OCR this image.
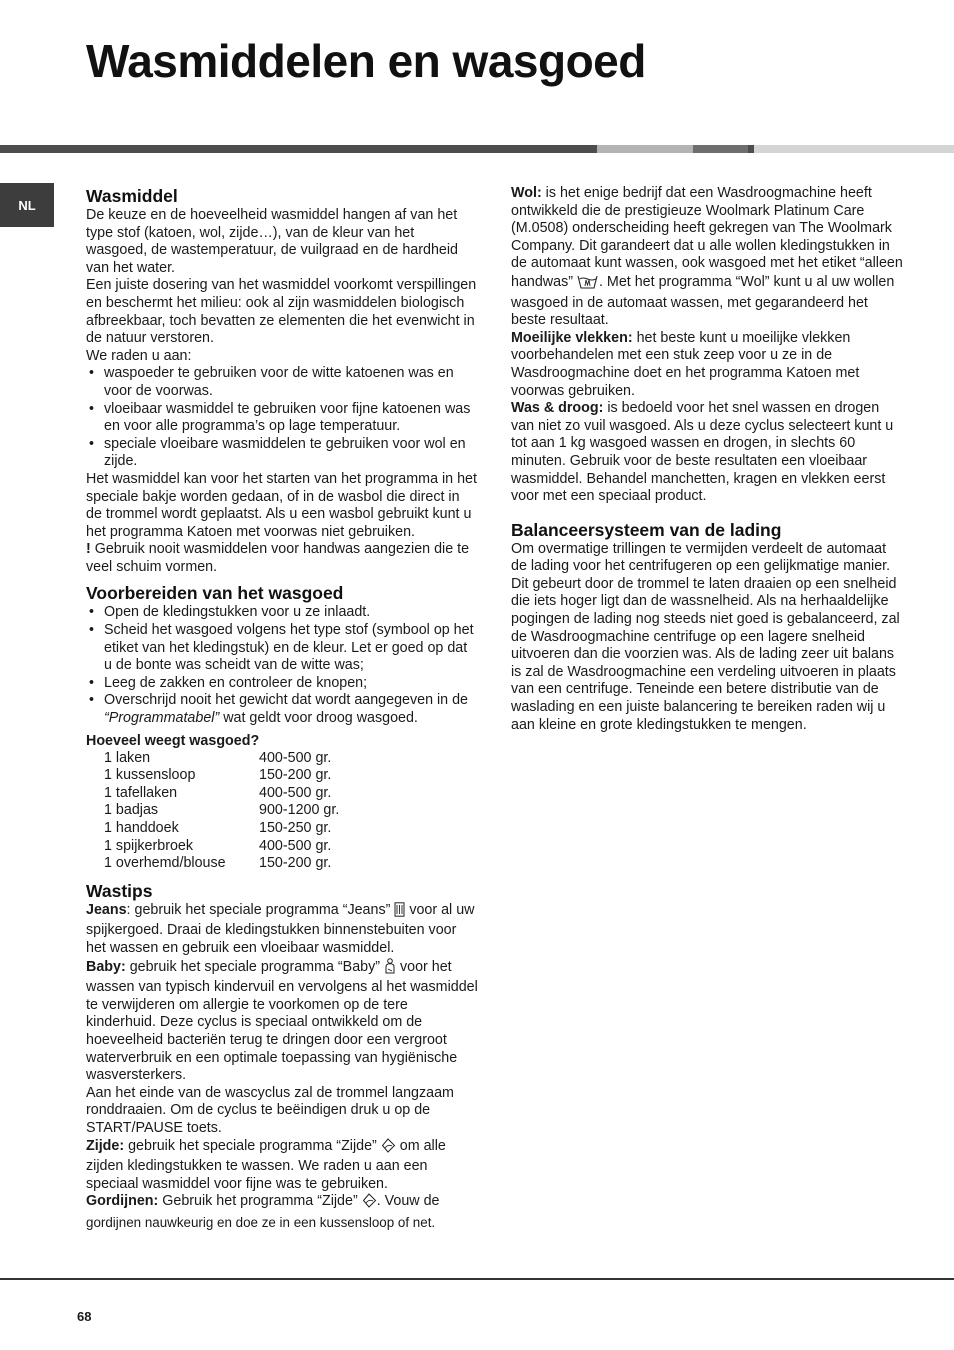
Wasmiddelen en wasgoed
NL	Wasmiddel

De keuze en de hoeveelheid wasmiddel hangen af van het type stof (katoen, wol, zijde…), van de kleur van het wasgoed, de wastemperatuur, de vuilgraad en de hardheid van het water.

Een juiste dosering van het wasmiddel voorkomt verspillingen en beschermt het milieu: ook al zijn wasmiddelen biologisch afbreekbaar, toch bevatten ze elementen die het evenwicht in de natuur verstoren.

We raden u aan:

• waspoeder te gebruiken voor de witte katoenen was en voor de voorwas.
• vloeibaar wasmiddel te gebruiken voor fijne katoenen was en voor alle programma’s op lage temperatuur.
• speciale vloeibare wasmiddelen te gebruiken voor wol en zijde.

Het wasmiddel kan voor het starten van het programma in het speciale bakje worden gedaan, of in de wasbol die direct in de trommel wordt geplaatst. Als u een wasbol gebruikt kunt u het programma Katoen met voorwas niet gebruiken.

! Gebruik nooit wasmiddelen voor handwas aangezien die te veel schuim vormen.

Voorbereiden van het wasgoed
• Open de kledingstukken voor u ze inlaadt.
• Scheid het wasgoed volgens het type stof (symbool op het etiket van het kledingstuk) en de kleur. Let er goed op dat u de bonte was scheidt van de witte was;
• Leeg de zakken en controleer de knopen;
• Overschrijd nooit het gewicht dat wordt aangegeven in de “Programmatabel” wat geldt voor droog wasgoed.
Hoeveel weegt wasgoed?
1 laken	400-500 gr.
1 kussensloop	150-200 gr.
1 tafellaken	400-500 gr.
1 badjas	900-1200 gr.
1 handdoek	150-250 gr.
1 spijkerbroek	400-500 gr.
1 overhemd/blouse	150-200 gr.
Wastips

Jeans: gebruik het speciale programma “Jeans”  voor al uw spijkergoed. Draai de kledingstukken binnenstebuiten voor het wassen en gebruik een vloeibaar wasmiddel.

Baby: gebruik het speciale programma “Baby”  voor het wassen van typisch kindervuil en vervolgens al het wasmiddel te verwijderen om allergie te voorkomen op de tere kinderhuid. Deze cyclus is speciaal ontwikkeld om de hoeveelheid bacteriën terug te dringen door een vergroot waterverbruik en een optimale toepassing van hygiënische wasversterkers.

Aan het einde van de wascyclus zal de trommel langzaam ronddraaien. Om de cyclus te beëindigen druk u op de START/PAUSE toets.

Zijde: gebruik het speciale programma “Zijde”  om alle zijden kledingstukken te wassen. We raden u aan een speciaal wasmiddel voor fijne was te gebruiken.

Gordijnen: Gebruik het programma “Zijde” . Vouw de
gordijnen nauwkeurig en doe ze in een kussensloop of net.

Wol: is het enige bedrijf dat een Wasdroogmachine heeft ontwikkeld die de prestigieuze Woolmark Platinum Care (M.0508) onderscheiding heeft gekregen van The Woolmark Company. Dit garandeert dat u alle wollen kledingstukken in de automaat kunt wassen, ook wasgoed met het etiket “alleen handwas” . Met het programma “Wol” kunt u al uw wollen wasgoed in de automaat wassen, met gegarandeerd het beste resultaat.

Moeilijke vlekken: het beste kunt u moeilijke vlekken voorbehandelen met een stuk zeep voor u ze in de Wasdroogmachine doet en het programma Katoen met voorwas gebruiken.

Was & droog: is bedoeld voor het snel wassen en drogen van niet zo vuil wasgoed. Als u deze cyclus selecteert kunt u tot aan 1 kg wasgoed wassen en drogen, in slechts 60 minuten. Gebruik voor de beste resultaten een vloeibaar wasmiddel. Behandel manchetten, kragen en vlekken eerst voor met een speciaal product.

Balanceersysteem van de lading

Om overmatige trillingen te vermijden verdeelt de automaat de lading voor het centrifugeren op een gelijkmatige manier. Dit gebeurt door de trommel te laten draaien op een snelheid die iets hoger ligt dan de wassnelheid. Als na herhaaldelijke pogingen de lading nog steeds niet goed is gebalanceerd, zal de Wasdroogmachine centrifuge op een lagere snelheid uitvoeren dan die voorzien was. Als de lading zeer uit balans is zal de Wasdroogmachine een verdeling uitvoeren in plaats van een centrifuge. Teneinde een betere distributie van de waslading en een juiste balancering te bereiken raden wij u aan kleine en grote kledingstukken te mengen.

68
